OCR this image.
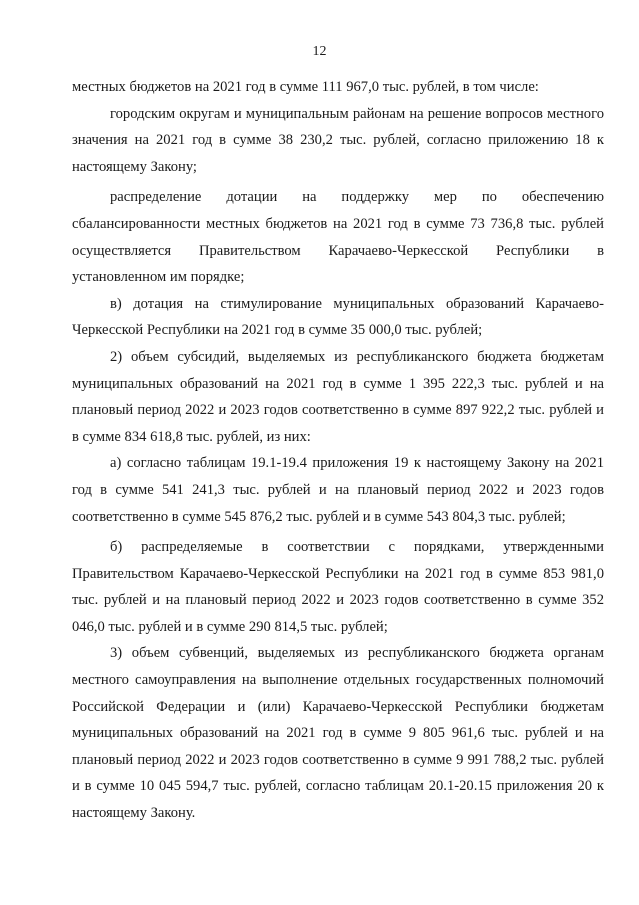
12

местных бюджетов на 2021 год в сумме 111 967,0 тыс. рублей, в том числе:

городским округам и муниципальным районам на решение вопросов местного значения на 2021 год в сумме 38 230,2 тыс. рублей, согласно приложению 18 к настоящему Закону;

распределение дотации на поддержку мер по обеспечению сбалансированности местных бюджетов на 2021 год в сумме 73 736,8 тыс. рублей осуществляется Правительством Карачаево-Черкесской Республики в установленном им порядке;

в) дотация на стимулирование муниципальных образований Карачаево-Черкесской Республики на 2021 год в сумме 35 000,0 тыс. рублей;

2) объем субсидий, выделяемых из республиканского бюджета бюджетам муниципальных образований на 2021 год в сумме 1 395 222,3 тыс. рублей и на плановый период 2022 и 2023 годов соответственно в сумме 897 922,2 тыс. рублей и в сумме 834 618,8 тыс. рублей, из них:

а) согласно таблицам 19.1-19.4 приложения 19 к настоящему Закону на 2021 год в сумме 541 241,3 тыс. рублей и на плановый период 2022 и 2023 годов соответственно в сумме 545 876,2 тыс. рублей и в сумме 543 804,3 тыс. рублей;

б) распределяемые в соответствии с порядками, утвержденными Правительством Карачаево-Черкесской Республики на 2021 год в сумме 853 981,0 тыс. рублей и на плановый период 2022 и 2023 годов соответственно в сумме 352 046,0 тыс. рублей и в сумме 290 814,5 тыс. рублей;

3) объем субвенций, выделяемых из республиканского бюджета органам местного самоуправления на выполнение отдельных государственных полномочий Российской Федерации и (или) Карачаево-Черкесской Республики бюджетам муниципальных образований на 2021 год в сумме 9 805 961,6 тыс. рублей и на плановый период 2022 и 2023 годов соответственно в сумме 9 991 788,2 тыс. рублей и в сумме 10 045 594,7 тыс. рублей, согласно таблицам 20.1-20.15 приложения 20 к настоящему Закону.
